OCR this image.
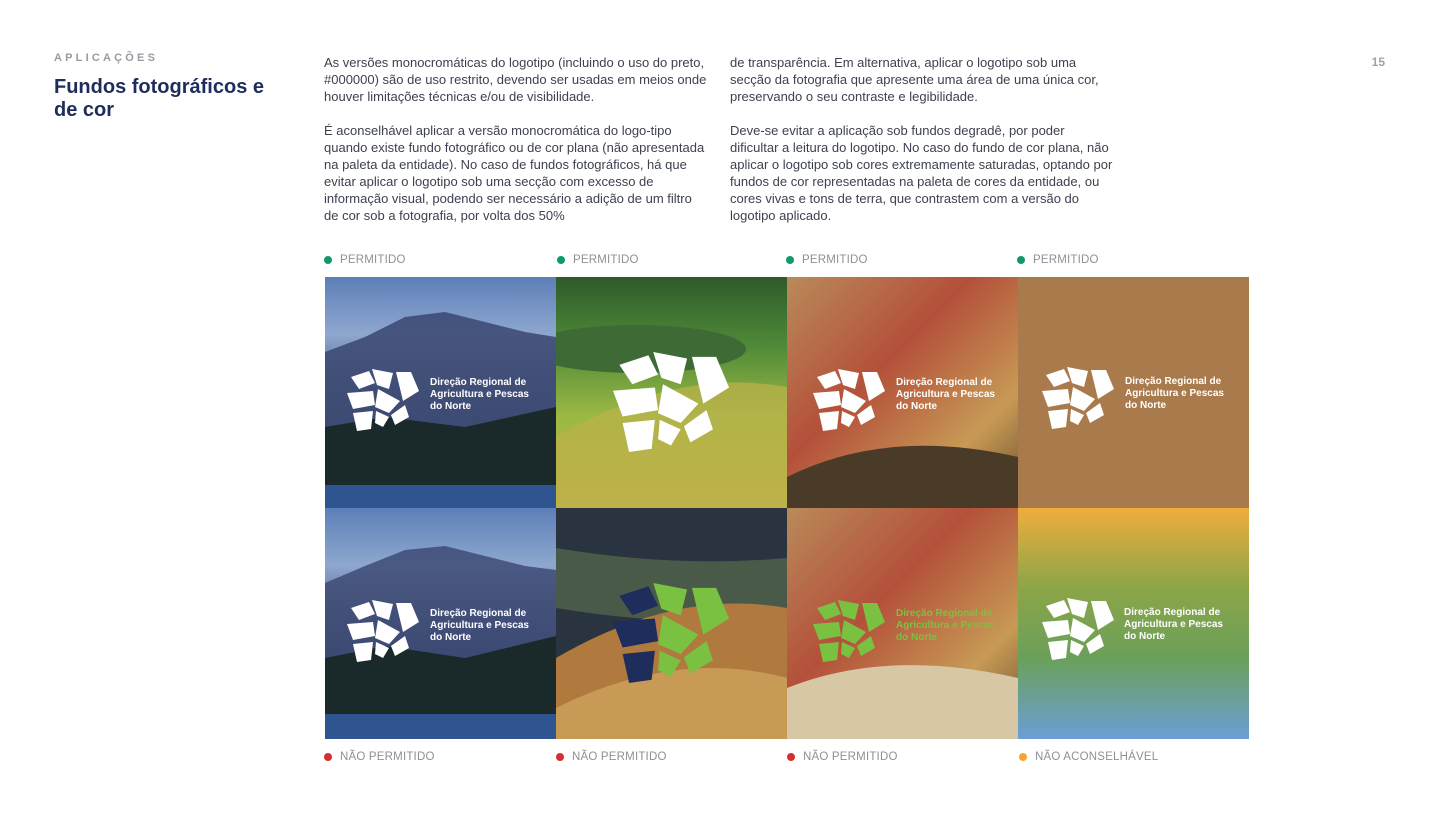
APLICAÇÕES
Fundos fotográficos e de cor
15

As versões monocromáticas do logotipo (incluindo o uso do preto, #000000) são de uso restrito, devendo ser usadas em meios onde houver limitações técnicas e/ou de visibilidade.

É aconselhável aplicar a versão monocromática do logo-tipo quando existe fundo fotográfico ou de cor plana (não apresentada na paleta da entidade). No caso de fundos fotográficos, há que evitar aplicar o logotipo sob uma secção com excesso de informação visual, podendo ser necessário a adição de um filtro de cor sob a fotografia, por volta dos 50%

de transparência. Em alternativa, aplicar o logotipo sob uma secção da fotografia que apresente uma área de uma única cor, preservando o seu contraste e legibilidade.

Deve-se evitar a aplicação sob fundos degradê, por poder dificultar a leitura do logotipo. No caso do fundo de cor plana, não aplicar o logotipo sob cores extremamente saturadas, optando por fundos de cor representadas na paleta de cores da entidade, ou cores vivas e tons de terra, que contrastem com a versão do logotipo aplicado.

PERMITIDO	PERMITIDO	PERMITIDO	PERMITIDO
Direção Regional de
Agricultura e Pescas
do Norte
Direção Regional de
Agricultura e Pescas
do Norte
Direção Regional de
Agricultura e Pescas
do Norte
Direção Regional de
Agricultura e Pescas
do Norte
Direção Regional de
Agricultura e Pescas
do Norte
Direção Regional de
Agricultura e Pescas
do Norte
NÃO PERMITIDO	NÃO PERMITIDO	NÃO PERMITIDO	NÃO ACONSELHÁVEL
